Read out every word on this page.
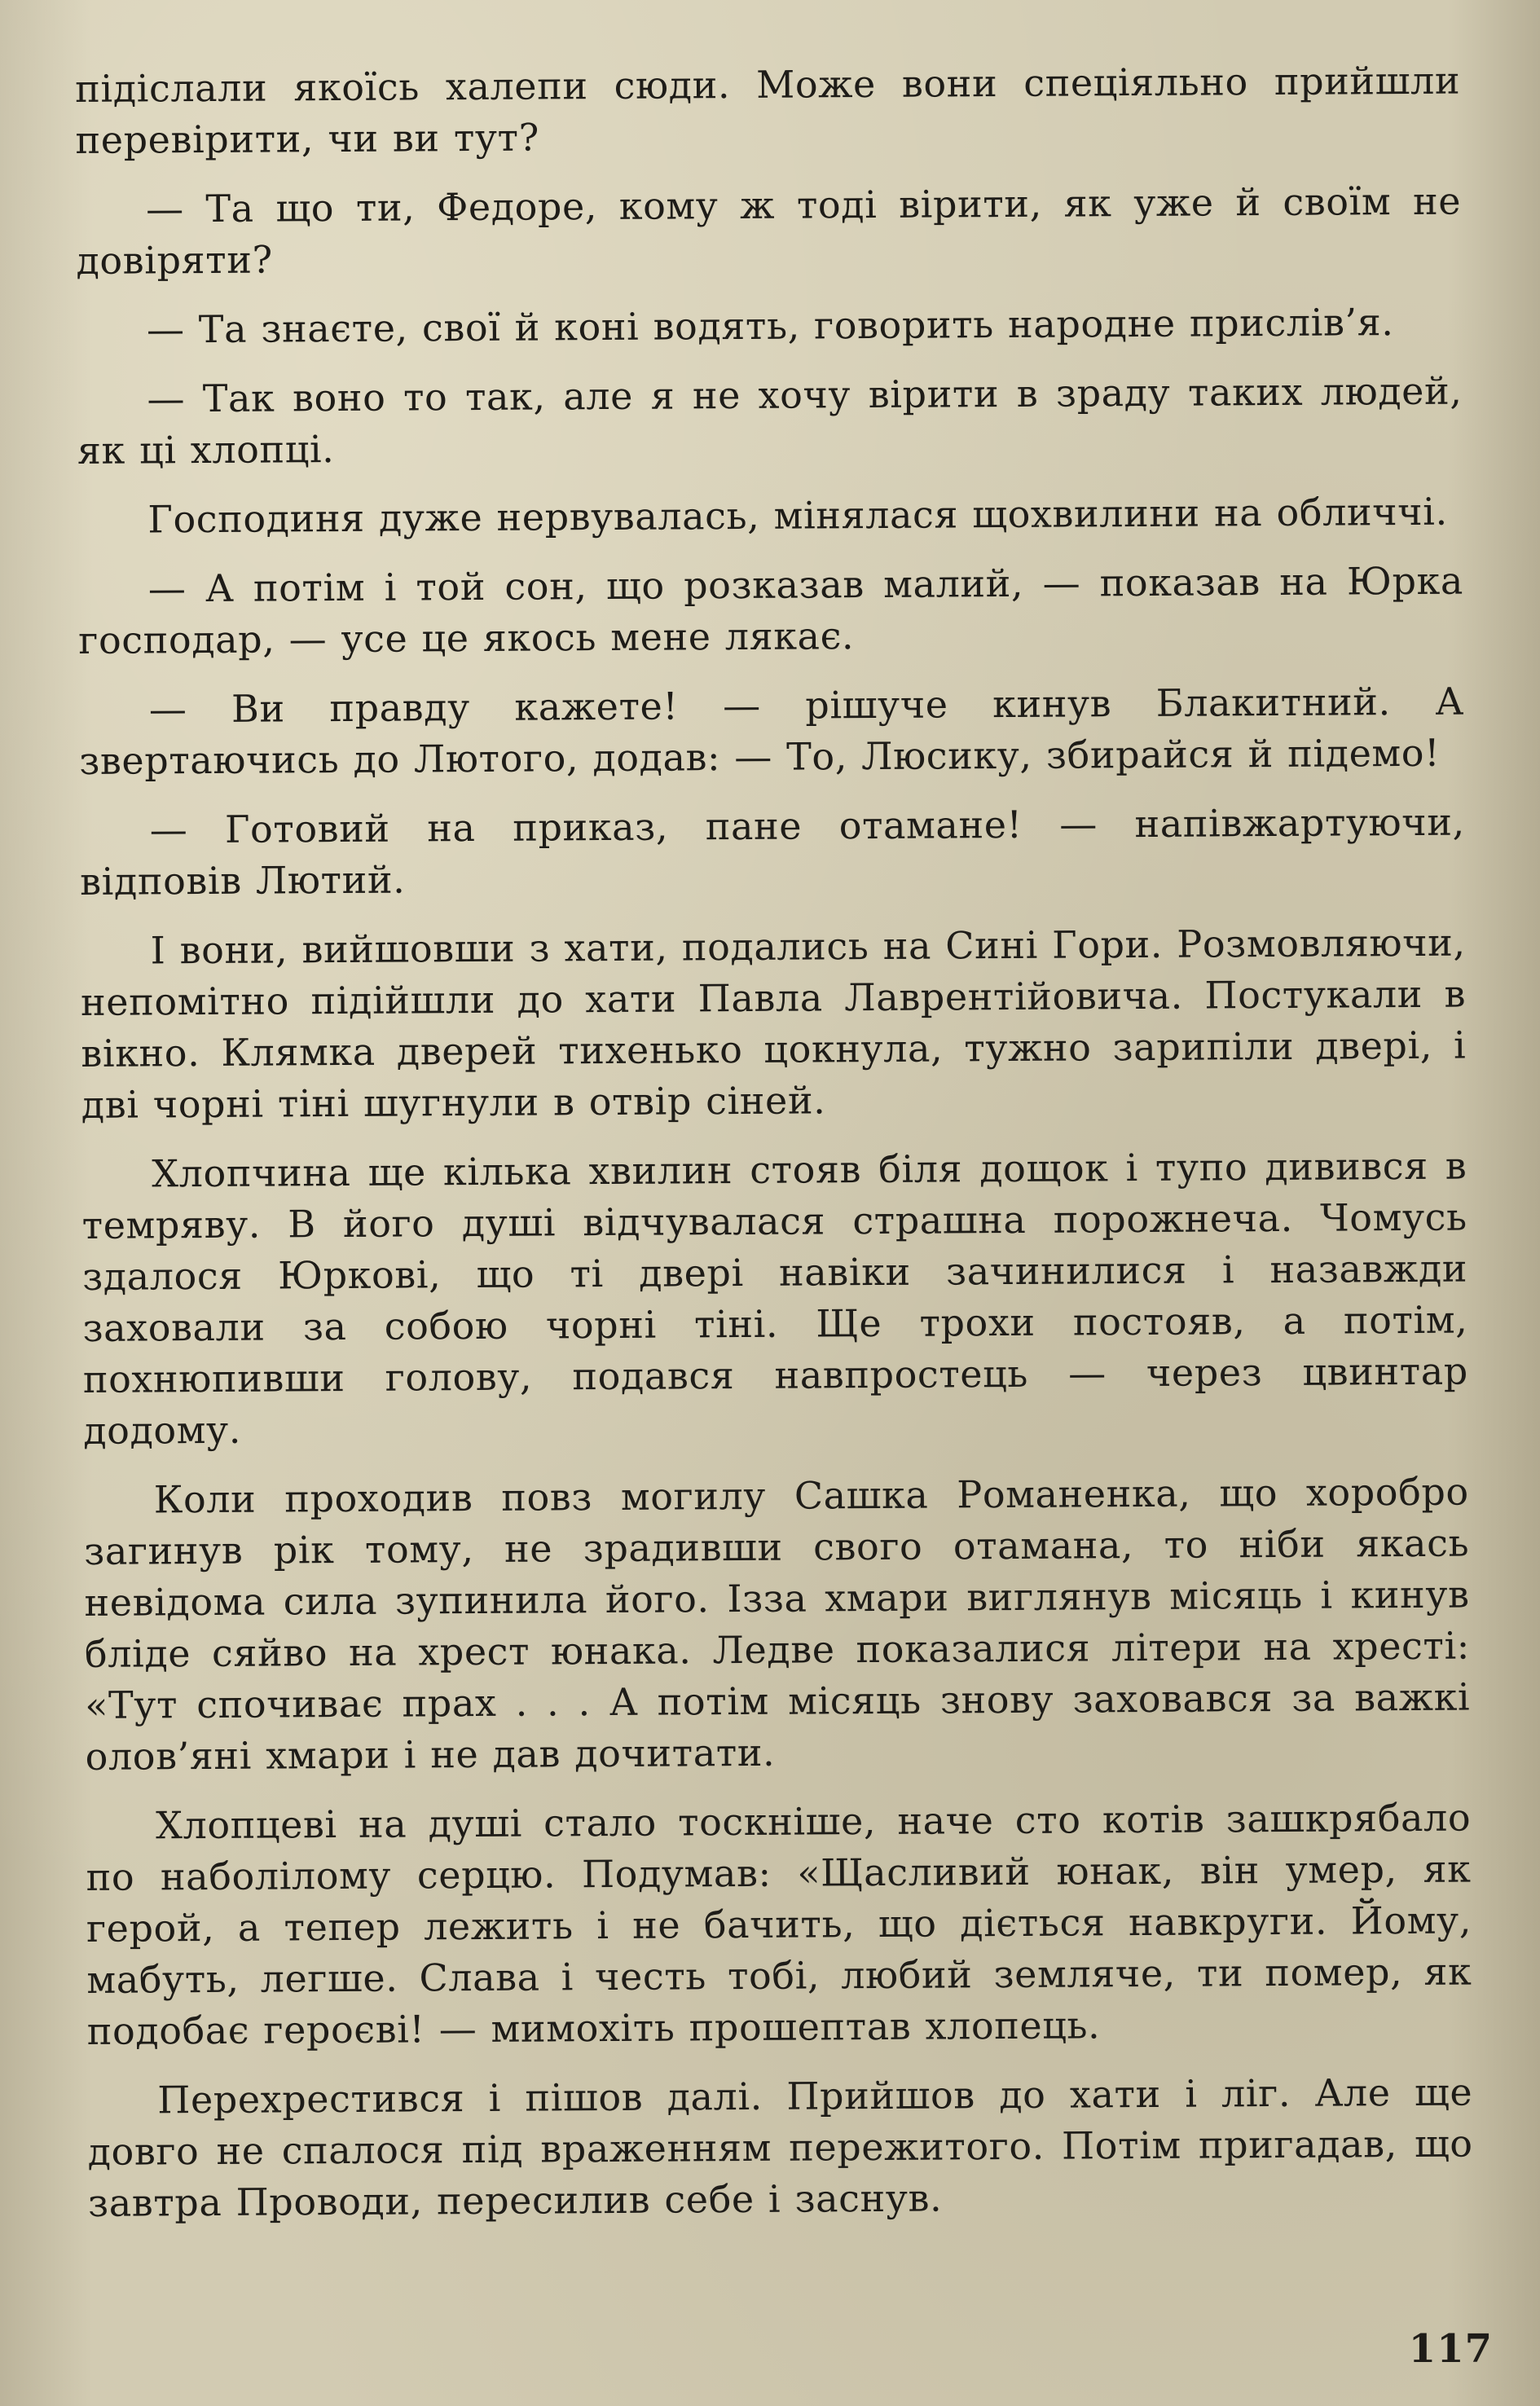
підіслали якоїсь халепи сюди. Може вони спеціяльно прийшли перевірити, чи ви тут?

— Та що ти, Федоре, кому ж тоді вірити, як уже й своїм не довіряти?

— Та знаєте, свої й коні водять, говорить народне прислів’я.

— Так воно то так, але я не хочу вірити в зраду таких людей, як ці хлопці.

Господиня дуже нервувалась, мінялася щохвилини на обличчі.

— А потім і той сон, що розказав малий, — показав на Юрка господар, — усе це якось мене лякає.

— Ви правду кажете! — рішуче кинув Блакитний. А звертаючись до Лютого, додав: — То, Люсику, збирайся й підемо!

— Готовий на приказ, пане отамане! — напівжартуючи, відповів Лютий.

І вони, вийшовши з хати, подались на Сині Гори. Розмовляючи, непомітно підійшли до хати Павла Лаврентійовича. Постукали в вікно. Клямка дверей тихенько цокнула, тужно зарипіли двері, і дві чорні тіні шугнули в отвір сіней.

Хлопчина ще кілька хвилин стояв біля дощок і тупо дивився в темряву. В його душі відчувалася страшна порожнеча. Чомусь здалося Юркові, що ті двері навіки зачинилися і назавжди заховали за собою чорні тіні. Ще трохи постояв, а потім, похнюпивши голову, подався навпростець — через цвинтар додому.

Коли проходив повз могилу Сашка Романенка, що хоробро загинув рік тому, не зрадивши свого отамана, то ніби якась невідома сила зупинила його. Ізза хмари виглянув місяць і кинув бліде сяйво на хрест юнака. Ледве показалися літери на хресті: «Тут спочиває прах . . . А потім місяць знову заховався за важкі олов’яні хмари і не дав дочитати.

Хлопцеві на душі стало тоскніше, наче сто котів зашкрябало по наболілому серцю. Подумав: «Щасливий юнак, він умер, як герой, а тепер лежить і не бачить, що діється навкруги. Йому, мабуть, легше. Слава і честь тобі, любий земляче, ти помер, як подобає героєві! — мимохіть прошептав хлопець.

Перехрестився і пішов далі. Прийшов до хати і ліг. Але ще довго не спалося під враженням пережитого. Потім пригадав, що завтра Проводи, пересилив себе і заснув.

117
